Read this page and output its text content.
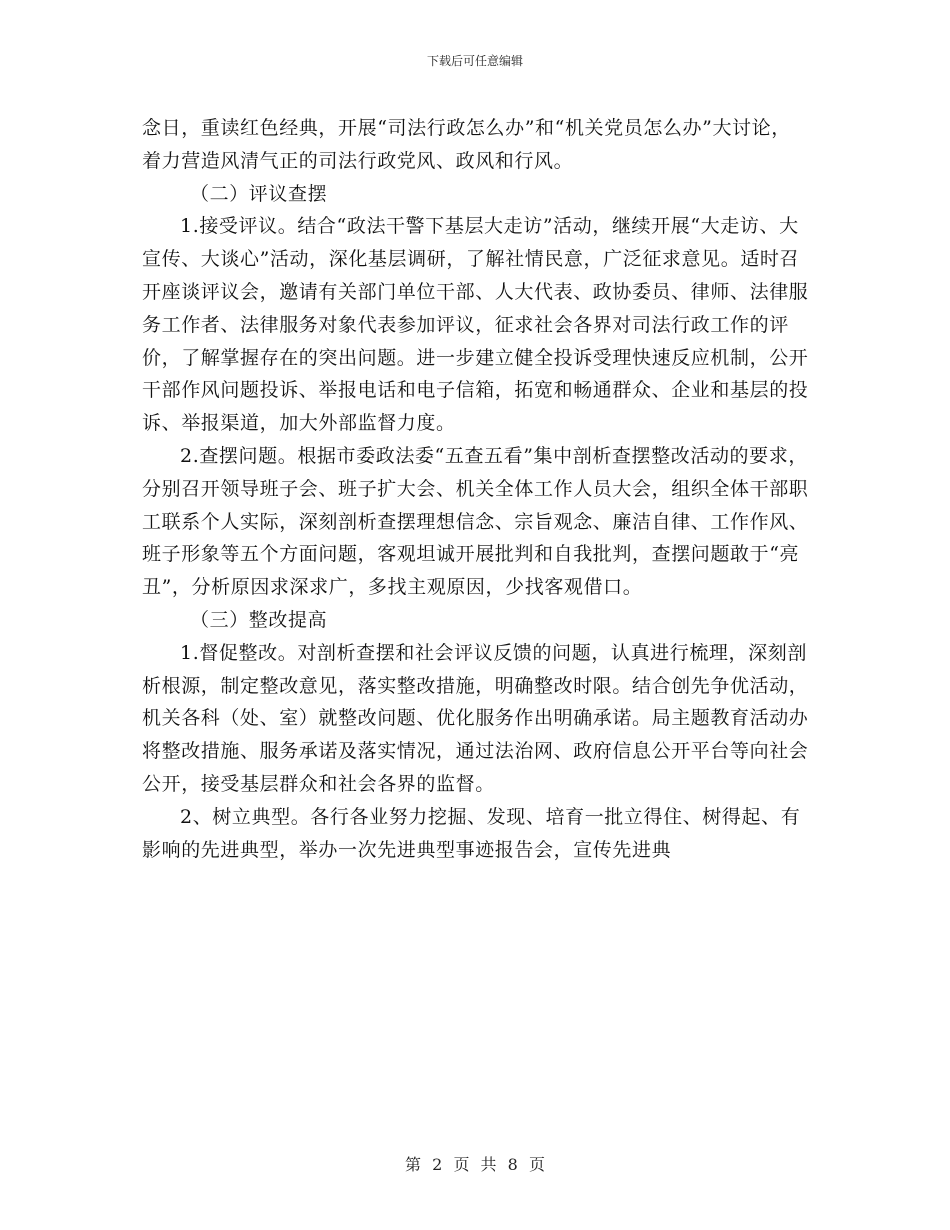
下载后可任意编辑

念日，重读红色经典，开展“司法行政怎么办”和“机关党员怎么办”大讨论，着力营造风清气正的司法行政党风、政风和行风。

（二）评议查摆

1.接受评议。结合“政法干警下基层大走访”活动，继续开展“大走访、大宣传、大谈心”活动，深化基层调研，了解社情民意，广泛征求意见。适时召开座谈评议会，邀请有关部门单位干部、人大代表、政协委员、律师、法律服务工作者、法律服务对象代表参加评议，征求社会各界对司法行政工作的评价，了解掌握存在的突出问题。进一步建立健全投诉受理快速反应机制，公开干部作风问题投诉、举报电话和电子信箱，拓宽和畅通群众、企业和基层的投诉、举报渠道，加大外部监督力度。

2.查摆问题。根据市委政法委“五查五看”集中剖析查摆整改活动的要求，分别召开领导班子会、班子扩大会、机关全体工作人员大会，组织全体干部职工联系个人实际，深刻剖析查摆理想信念、宗旨观念、廉洁自律、工作作风、班子形象等五个方面问题，客观坦诚开展批判和自我批判，查摆问题敢于“亮丑”，分析原因求深求广，多找主观原因，少找客观借口。

（三）整改提高

1.督促整改。对剖析查摆和社会评议反馈的问题，认真进行梳理，深刻剖析根源，制定整改意见，落实整改措施，明确整改时限。结合创先争优活动，机关各科（处、室）就整改问题、优化服务作出明确承诺。局主题教育活动办将整改措施、服务承诺及落实情况，通过法治网、政府信息公开平台等向社会公开，接受基层群众和社会各界的监督。

2、树立典型。各行各业努力挖掘、发现、培育一批立得住、树得起、有影响的先进典型，举办一次先进典型事迹报告会，宣传先进典

第 2 页 共 8 页
